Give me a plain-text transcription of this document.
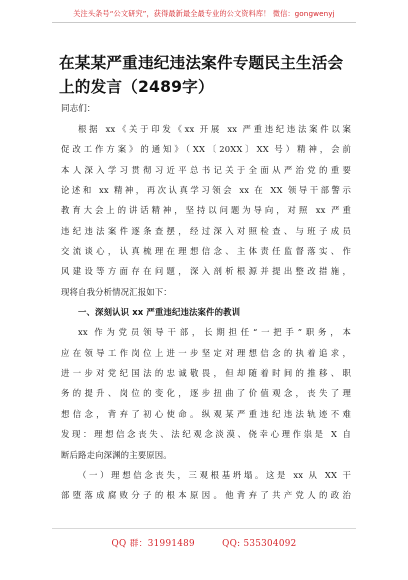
关注头条号“公文研究”，获得最新最全最专业的公文资料库！ 微信：gongwenyj
在某某严重违纪违法案件专题民主生活会上的发言（2489字）
同志们：
根据 xx《关于印发《xx 开展 xx 严重违纪违法案件以案
促改工作方案》的通知》（XX〔20XX〕XX 号）精神，会前
本人深入学习贯彻习近平总书记关于全面从严治党的重要
论述和 xx 精神，再次认真学习领会 xx 在 XX 领导干部警示
教育大会上的讲话精神，坚持以问题为导向，对照 xx 严重
违纪违法案件逐条查摆，经过深入对照检查、与班子成员
交流谈心，认真梳理在理想信念、主体责任监督落实、作
风建设等方面存在问题，深入剖析根源并提出整改措施，
现将自我分析情况汇报如下：
一、深刻认识 xx 严重违纪违法案件的教训
xx 作为党员领导干部，长期担任“一把手”职务，本
应在领导工作岗位上进一步坚定对理想信念的执着追求，
进一步对党纪国法的忠诚敬畏，但却随着时间的推移、职
务的提升、岗位的变化，逐步扭曲了价值观念，丧失了理
想信念，背弃了初心使命。纵观某严重违纪违法轨迹不难
发现：理想信念丧失、法纪观念淡漠、侥幸心理作祟是 X 自
断后路走向深渊的主要原因。
（一）理想信念丧失，三观根基坍塌。这是 xx 从 XX 干
部堕落成腐败分子的根本原因。他背弃了共产党人的政治
QQ 群：31991489	QQ: 535304092
